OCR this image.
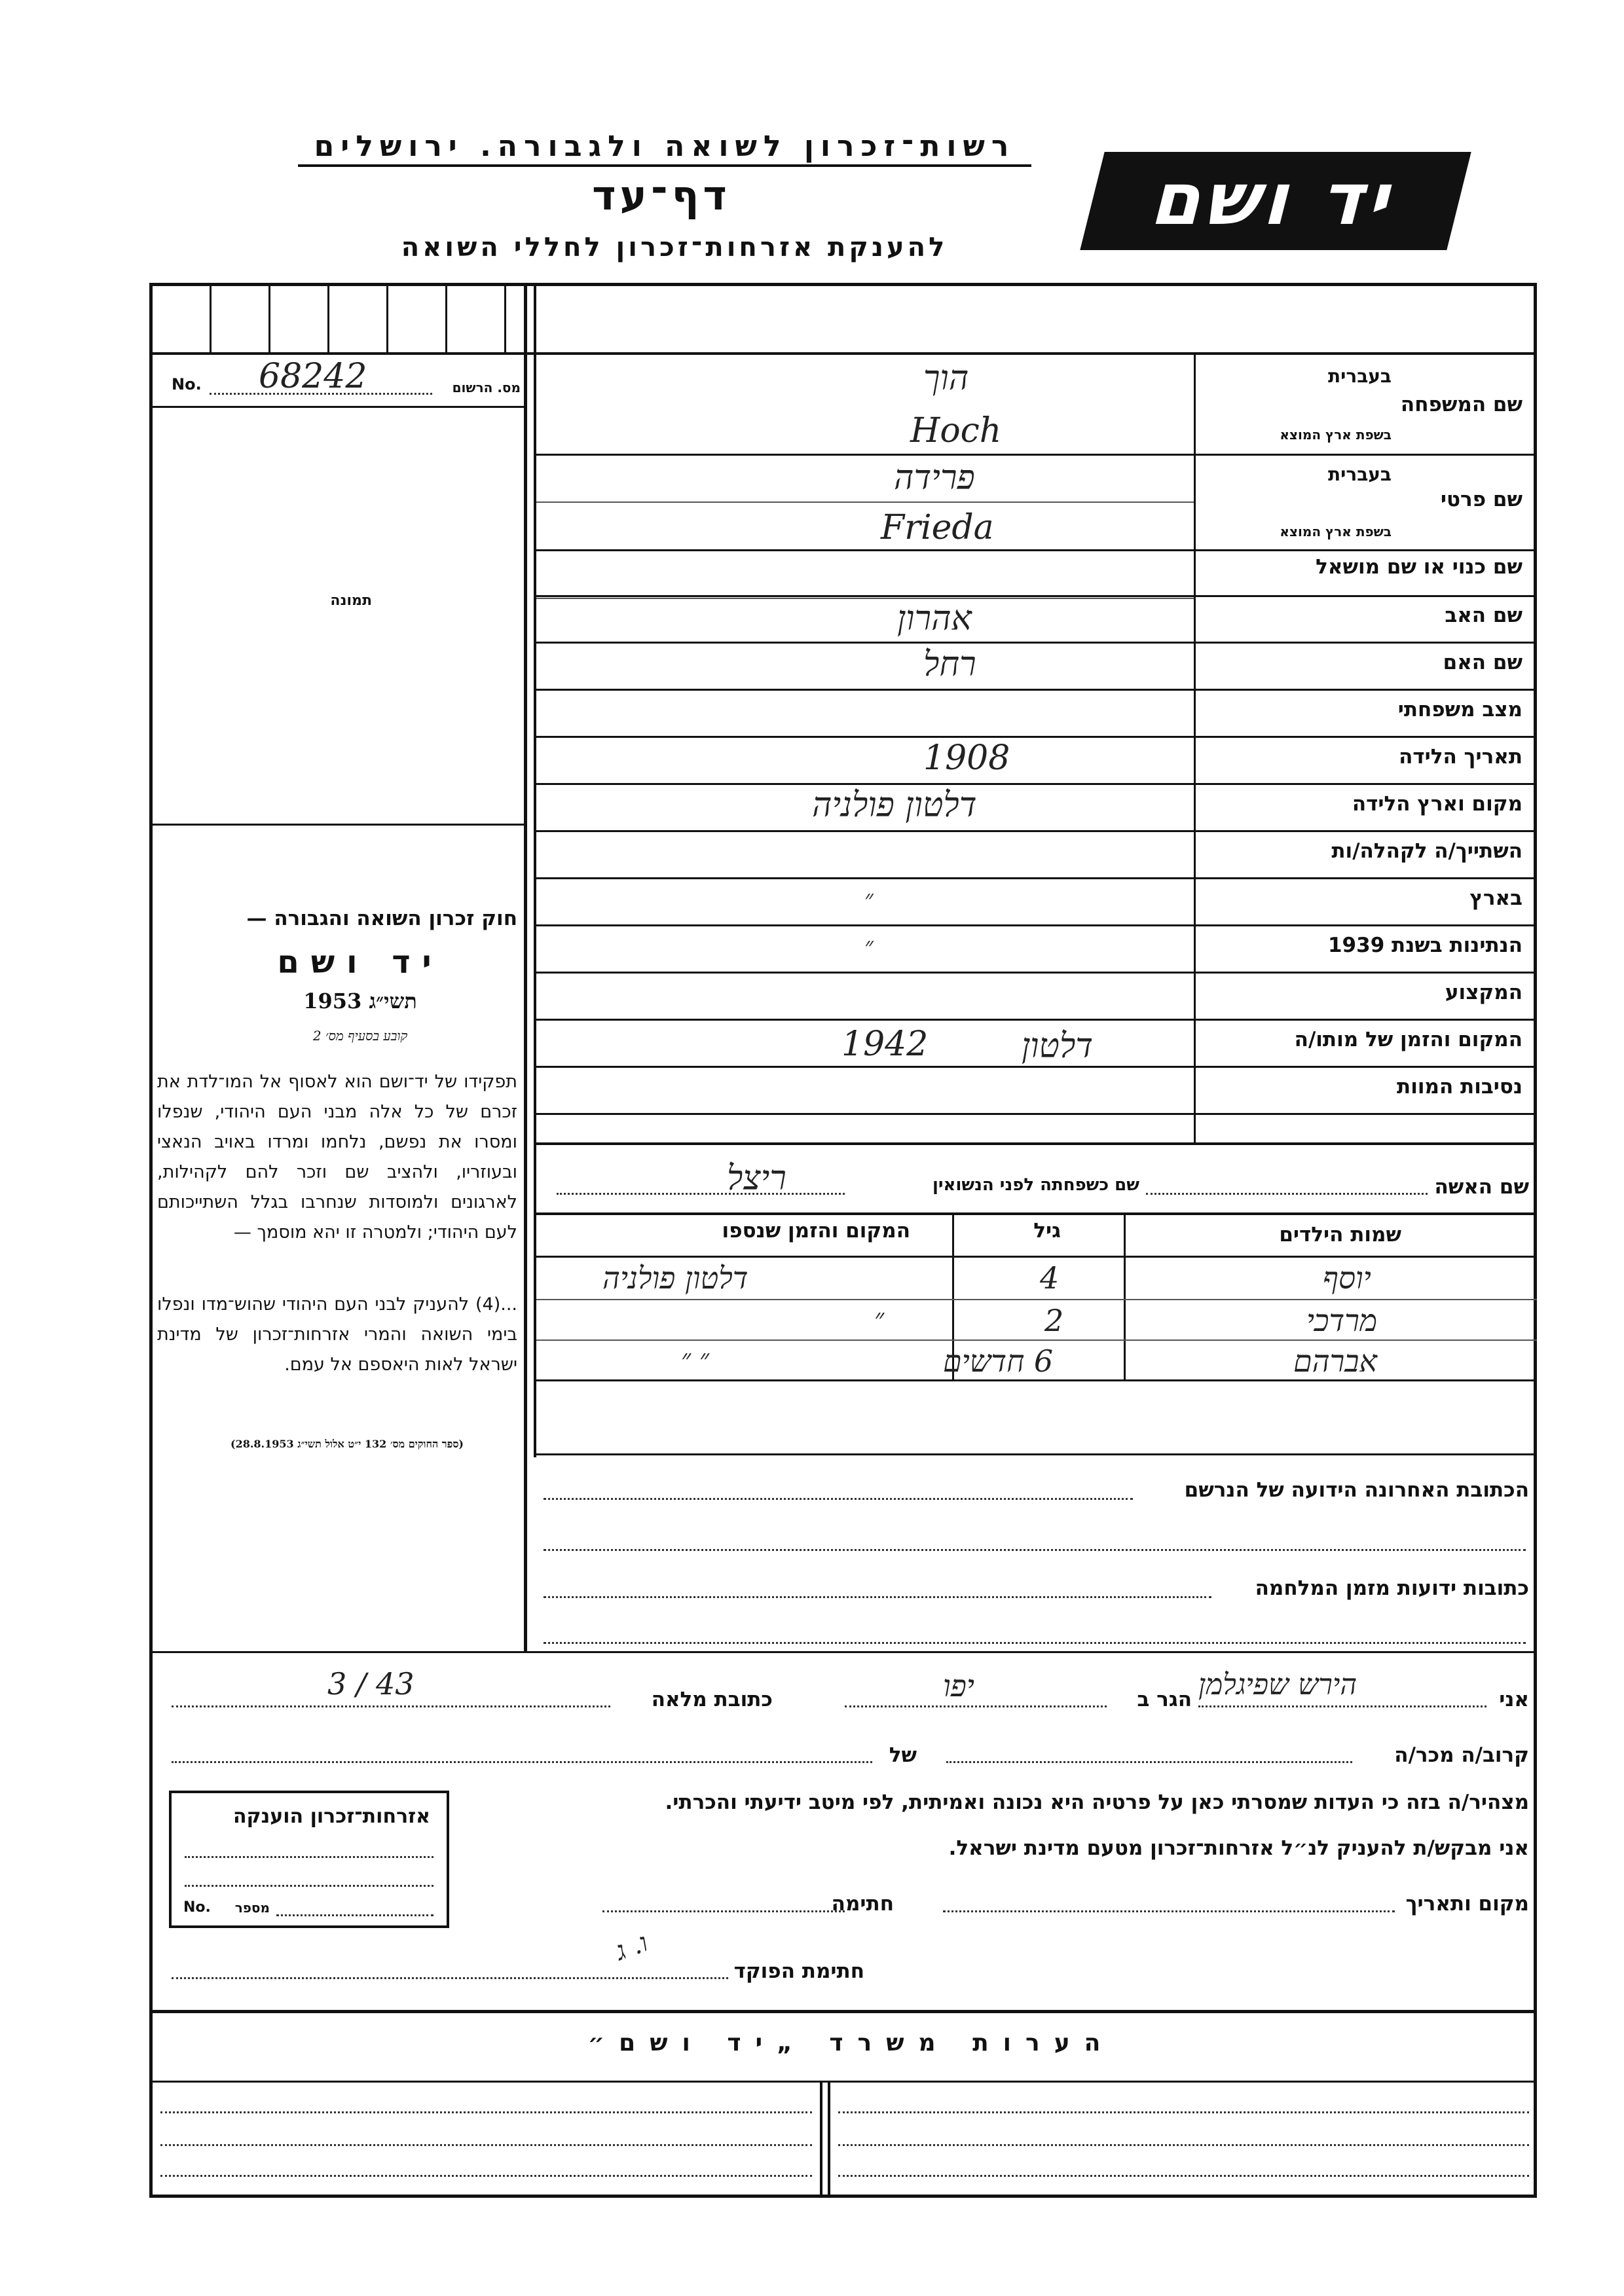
רשות־זכרון לשואה ולגבורה. ירושלים
דף־עד
להענקת אזרחות־זכרון לחללי השואה
יד ושם
מס. הרשום
No. 68242
תמונה
חוק זכרון השואה והגבורה —
יד ושם
תשי״ג 1953
קובע בסעיף מס׳ 2
תפקידו של יד־ושם הוא לאסוף אל המו־לדת את זכרם של כל אלה מבני העם היהודי, שנפלו ומסרו את נפשם, נלחמו ומרדו באויב הנאצי ובעוזריו, ולהציב שם וזכר להם לקהילות, לארגונים ולמוסדות שנחרבו בגלל השתייכותם לעם היהודי; ולמטרה זו יהא מוסמך —
...(4) להעניק לבני העם היהודי שהוש־מדו ונפלו בימי השואה והמרי אזרחות־זכרון של מדינת ישראל לאות היאספם אל עמם.
(ספר החוקים מס׳ 132 י״ט אלול תשי״ג 28.8.1953)
שם המשפחה
בעברית
בשפת ארץ המוצא
הוך
Hoch
שם פרטי
בעברית
בשפת ארץ המוצא
פרידה
Frieda
שם כנוי או שם מושאל
שם האב
אהרון
שם האם
רחל
מצב משפחתי
תאריך הלידה
1908
מקום וארץ הלידה
דלטון פולניה
השתייך/ה לקהלה/ות
בארץ
״
הנתינות בשנת 1939
״
המקצוע
המקום והזמן של מותו/ה
1942	דלטון
נסיבות המוות
שם האשה
שם כשפחתה לפני הנשואין
ריצל
שמות הילדים
גיל
המקום והזמן שנספו
יוסף
4
דלטון פולניה
מרדכי
2
״
אברהם
6 חדשים
״ ״
הכתובת האחרונה הידועה של הנרשם
כתובות ידועות מזמן המלחמה
אני
הירש שפיגלמן
הגר ב
יפו
כתובת מלאה
3 / 43
קרוב/ה מכר/ה
של
מצהיר/ה בזה כי העדות שמסרתי כאן על פרטיה היא נכונה ואמיתית, לפי מיטב ידיעתי והכרתי.
אני מבקש/ת להעניק לנ״ל אזרחות־זכרון מטעם מדינת ישראל.
מקום ותאריך
חתימה
ו. ג
חתימת הפוקד
אזרחות־זכרון הוענקה
No. מספר
הערות משרד „יד ושם״
